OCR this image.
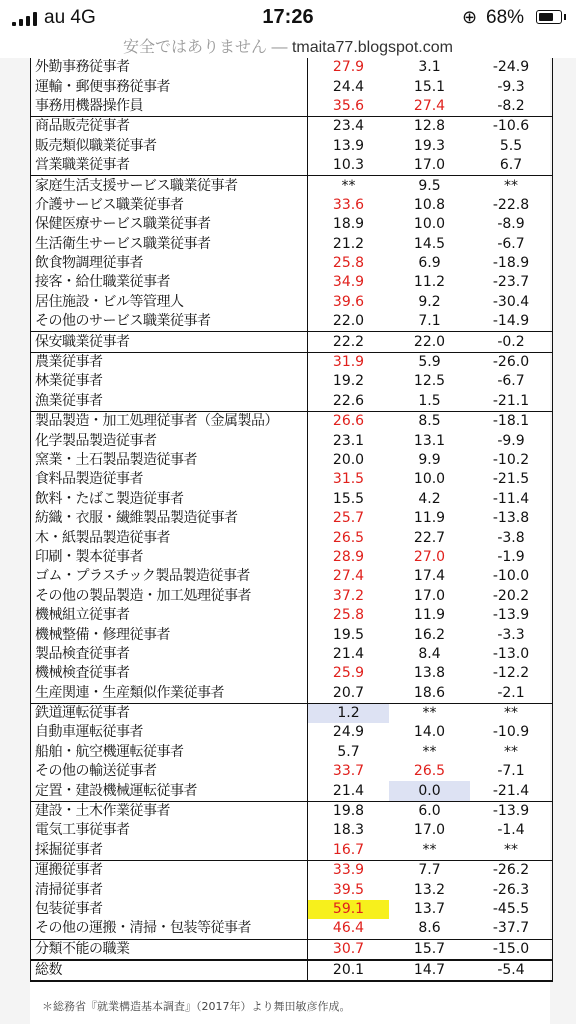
au 4G	17:26	⊕ 68%
安全ではありません — tmaita77.blogspot.com
外勤事務従事者	27.9	3.1	-24.9
運輸・郵便事務従事者	24.4	15.1	-9.3
事務用機器操作員	35.6	27.4	-8.2
商品販売従事者	23.4	12.8	-10.6
販売類似職業従事者	13.9	19.3	5.5
営業職業従事者	10.3	17.0	6.7
家庭生活支援サービス職業従事者	**	9.5	**
介護サービス職業従事者	33.6	10.8	-22.8
保健医療サービス職業従事者	18.9	10.0	-8.9
生活衛生サービス職業従事者	21.2	14.5	-6.7
飲食物調理従事者	25.8	6.9	-18.9
接客・給仕職業従事者	34.9	11.2	-23.7
居住施設・ビル等管理人	39.6	9.2	-30.4
その他のサービス職業従事者	22.0	7.1	-14.9
保安職業従事者	22.2	22.0	-0.2
農業従事者	31.9	5.9	-26.0
林業従事者	19.2	12.5	-6.7
漁業従事者	22.6	1.5	-21.1
製品製造・加工処理従事者（金属製品）	26.6	8.5	-18.1
化学製品製造従事者	23.1	13.1	-9.9
窯業・土石製品製造従事者	20.0	9.9	-10.2
食料品製造従事者	31.5	10.0	-21.5
飲料・たばこ製造従事者	15.5	4.2	-11.4
紡織・衣服・繊維製品製造従事者	25.7	11.9	-13.8
木・紙製品製造従事者	26.5	22.7	-3.8
印刷・製本従事者	28.9	27.0	-1.9
ゴム・プラスチック製品製造従事者	27.4	17.4	-10.0
その他の製品製造・加工処理従事者	37.2	17.0	-20.2
機械組立従事者	25.8	11.9	-13.9
機械整備・修理従事者	19.5	16.2	-3.3
製品検査従事者	21.4	8.4	-13.0
機械検査従事者	25.9	13.8	-12.2
生産関連・生産類似作業従事者	20.7	18.6	-2.1
鉄道運転従事者	1.2	**	**
自動車運転従事者	24.9	14.0	-10.9
船舶・航空機運転従事者	5.7	**	**
その他の輸送従事者	33.7	26.5	-7.1
定置・建設機械運転従事者	21.4	0.0	-21.4
建設・土木作業従事者	19.8	6.0	-13.9
電気工事従事者	18.3	17.0	-1.4
採掘従事者	16.7	**	**
運搬従事者	33.9	7.7	-26.2
清掃従事者	39.5	13.2	-26.3
包装従事者	59.1	13.7	-45.5
その他の運搬・清掃・包装等従事者	46.4	8.6	-37.7
分類不能の職業	30.7	15.7	-15.0
総数	20.1	14.7	-5.4
＊総務省『就業構造基本調査』（2017年）より舞田敏彦作成。
